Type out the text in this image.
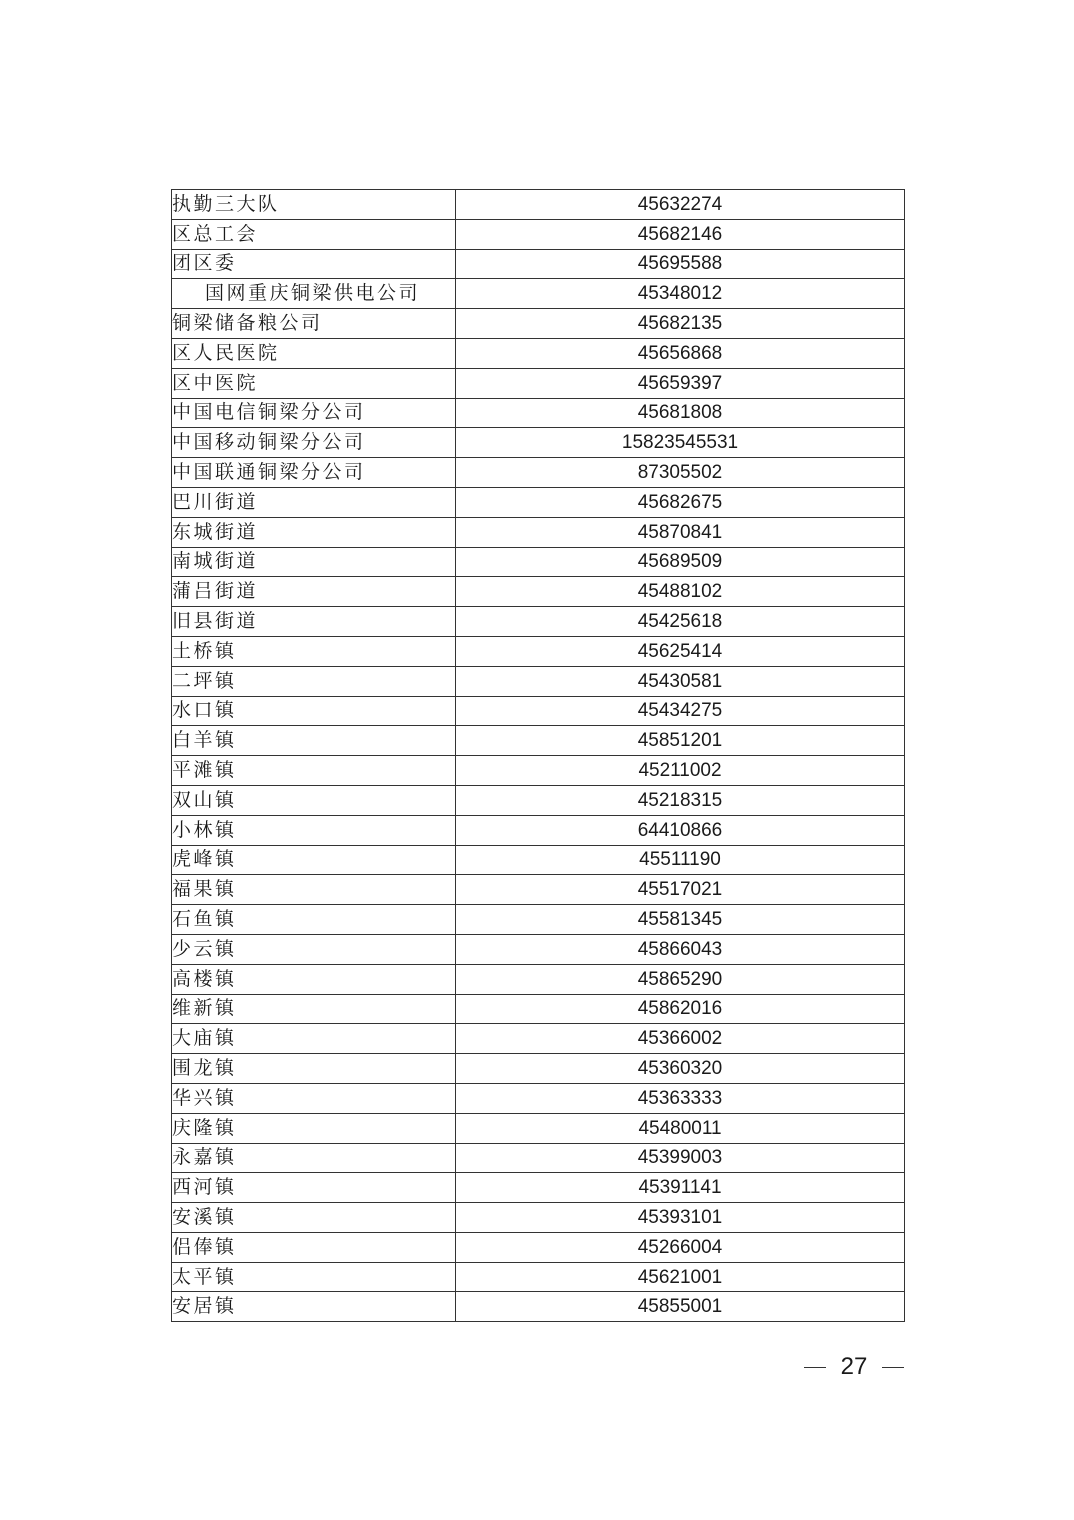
执勤三大队	45632274
区总工会	45682146
团区委	45695588
国网重庆铜梁供电公司	45348012
铜梁储备粮公司	45682135
区人民医院	45656868
区中医院	45659397
中国电信铜梁分公司	45681808
中国移动铜梁分公司	15823545531
中国联通铜梁分公司	87305502
巴川街道	45682675
东城街道	45870841
南城街道	45689509
蒲吕街道	45488102
旧县街道	45425618
土桥镇	45625414
二坪镇	45430581
水口镇	45434275
白羊镇	45851201
平滩镇	45211002
双山镇	45218315
小林镇	64410866
虎峰镇	45511190
福果镇	45517021
石鱼镇	45581345
少云镇	45866043
高楼镇	45865290
维新镇	45862016
大庙镇	45366002
围龙镇	45360320
华兴镇	45363333
庆隆镇	45480011
永嘉镇	45399003
西河镇	45391141
安溪镇	45393101
侣俸镇	45266004
太平镇	45621001
安居镇	45855001
27
